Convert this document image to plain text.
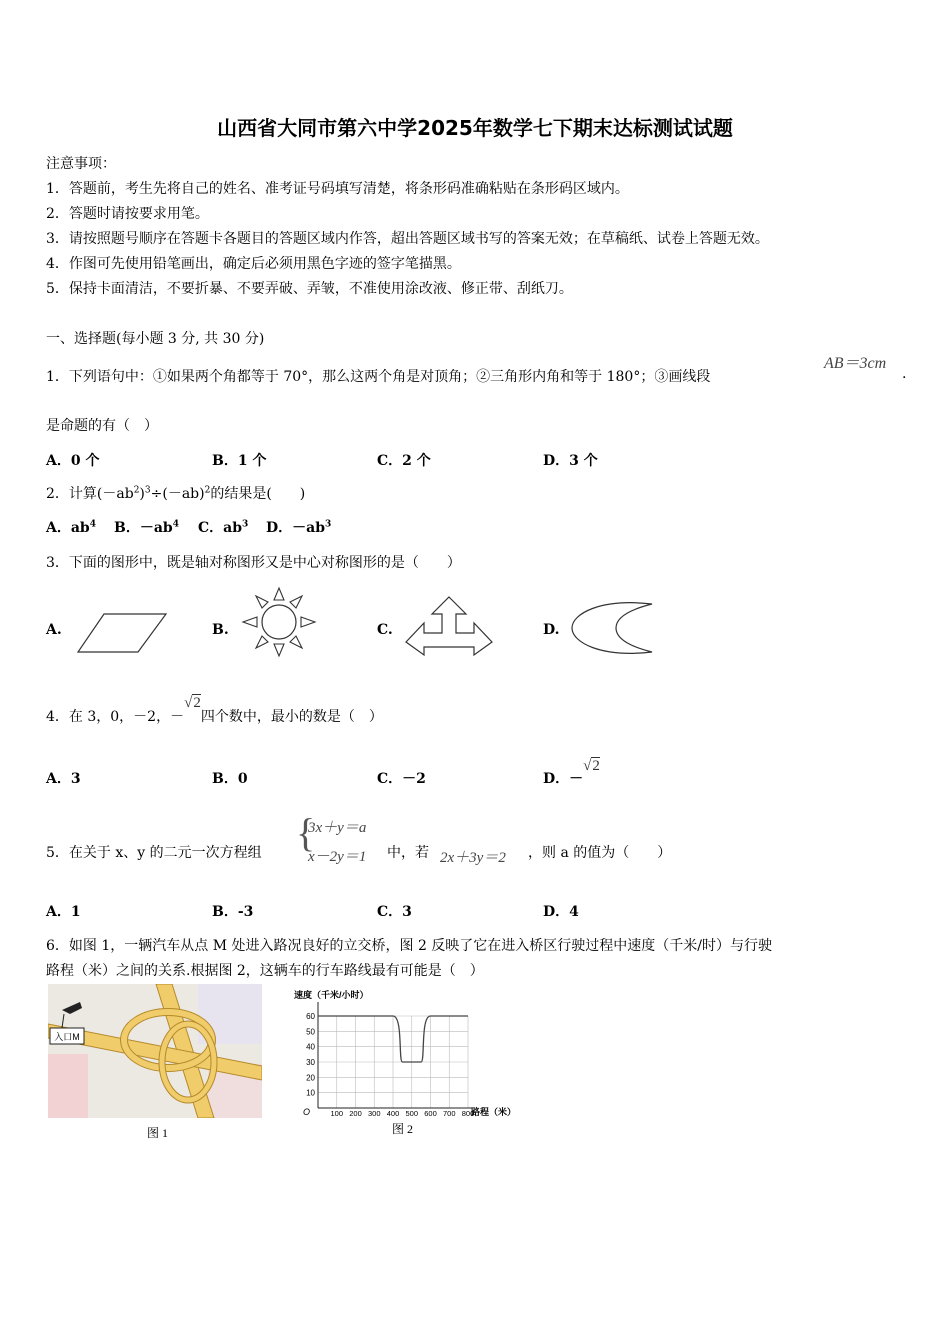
山西省大同市第六中学2025年数学七下期末达标测试试题
注意事项：
1．答题前，考生先将自己的姓名、准考证号码填写清楚，将条形码准确粘贴在条形码区域内。
2．答题时请按要求用笔。
3．请按照题号顺序在答题卡各题目的答题区域内作答，超出答题区域书写的答案无效；在草稿纸、试卷上答题无效。
4．作图可先使用铅笔画出，确定后必须用黑色字迹的签字笔描黑。
5．保持卡面清洁，不要折暴、不要弄破、弄皱，不准使用涂改液、修正带、刮纸刀。
一、选择题(每小题 3 分, 共 30 分)
1．下列语句中：①如果两个角都等于 70°，那么这两个角是对顶角；②三角形内角和等于 180°；③画线段
AB＝3cm
.
是命题的有（　）
A．0 个	B．1 个	C．2 个	D．3 个
2．计算$(-ab^2)^3\div(-ab)^2$的结果是(　　)
A．$ab^4$ B．$-ab^4$ C．$ab^3$ D．$-ab^3$
3．下面的图形中，既是轴对称图形又是中心对称图形的是（　　）
A.	B.	C.	D.
4．在 3，0，－2，－√2四个数中，最小的数是（　）
A．3	B．0	C．－2	D．－√2
5．在关于 x、y 的二元一次方程组 {
3x＋y＝a
x－2y＝1 中，若 2x＋3y＝2 ，则 a 的值为（　　）
A．1	B．-3	C．3	D．4
6．如图 1，一辆汽车从点 M 处进入路况良好的立交桥，图 2 反映了它在进入桥区行驶过程中速度（千米/时）与行驶
路程（米）之间的关系.根据图 2，这辆车的行车路线最有可能是（　）
入口M
图 1
速度（千米/小时）
路程（米）
O
10
20
30
40
50
60
100 200 300 400 500 600 700 800
图 2
